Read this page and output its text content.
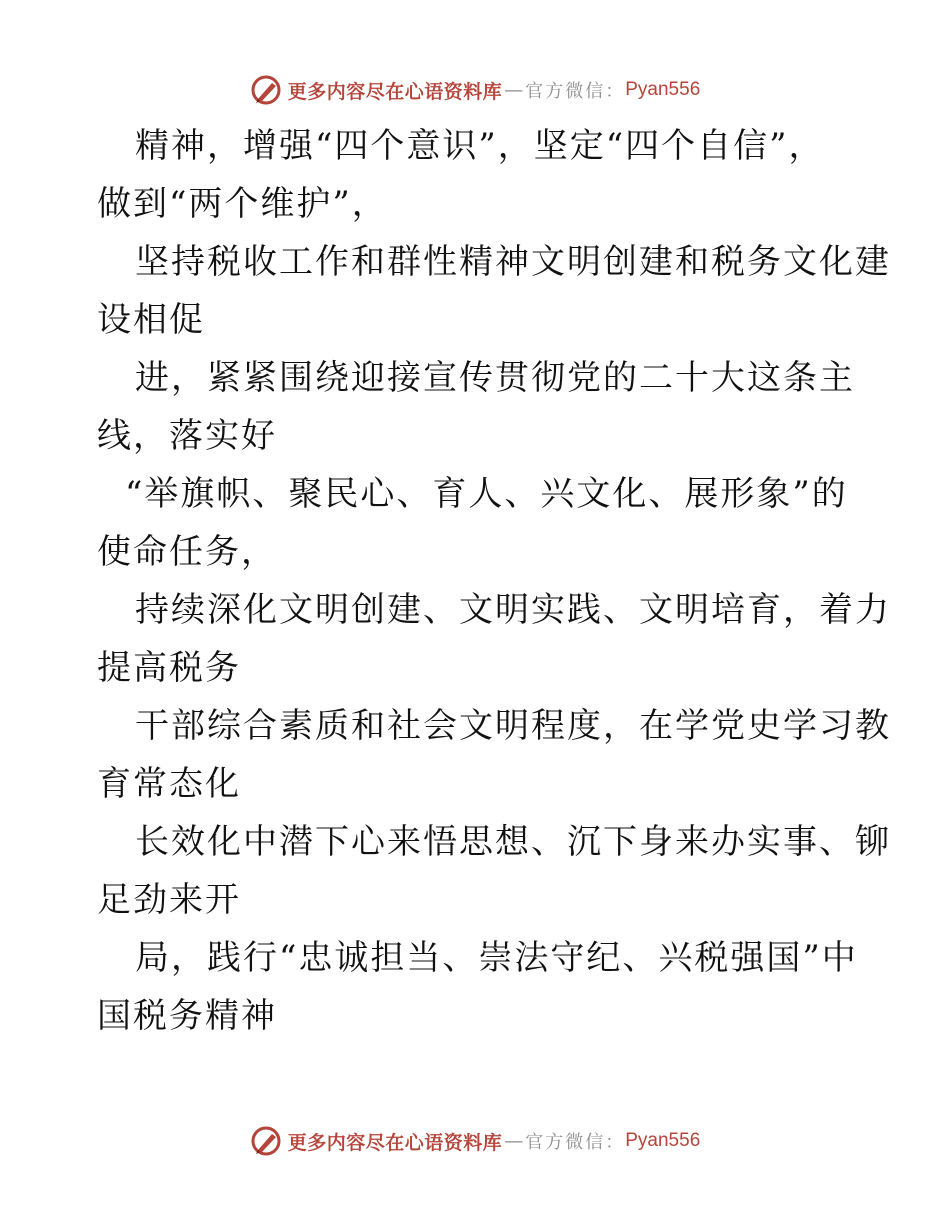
更多内容尽在心语资料库 — 官方微信： Pyan556
精神，增强“四个意识”，坚定“四个自信”，
做到“两个维护”，
坚持税收工作和群性精神文明创建和税务文化建
设相促
进，紧紧围绕迎接宣传贯彻党的二十大这条主
线，落实好
“举旗帜、聚民心、育人、兴文化、展形象”的
使命任务，
持续深化文明创建、文明实践、文明培育，着力
提高税务
干部综合素质和社会文明程度，在学党史学习教
育常态化
长效化中潜下心来悟思想、沉下身来办实事、铆
足劲来开
局，践行“忠诚担当、崇法守纪、兴税强国”中
国税务精神
更多内容尽在心语资料库 — 官方微信： Pyan556
